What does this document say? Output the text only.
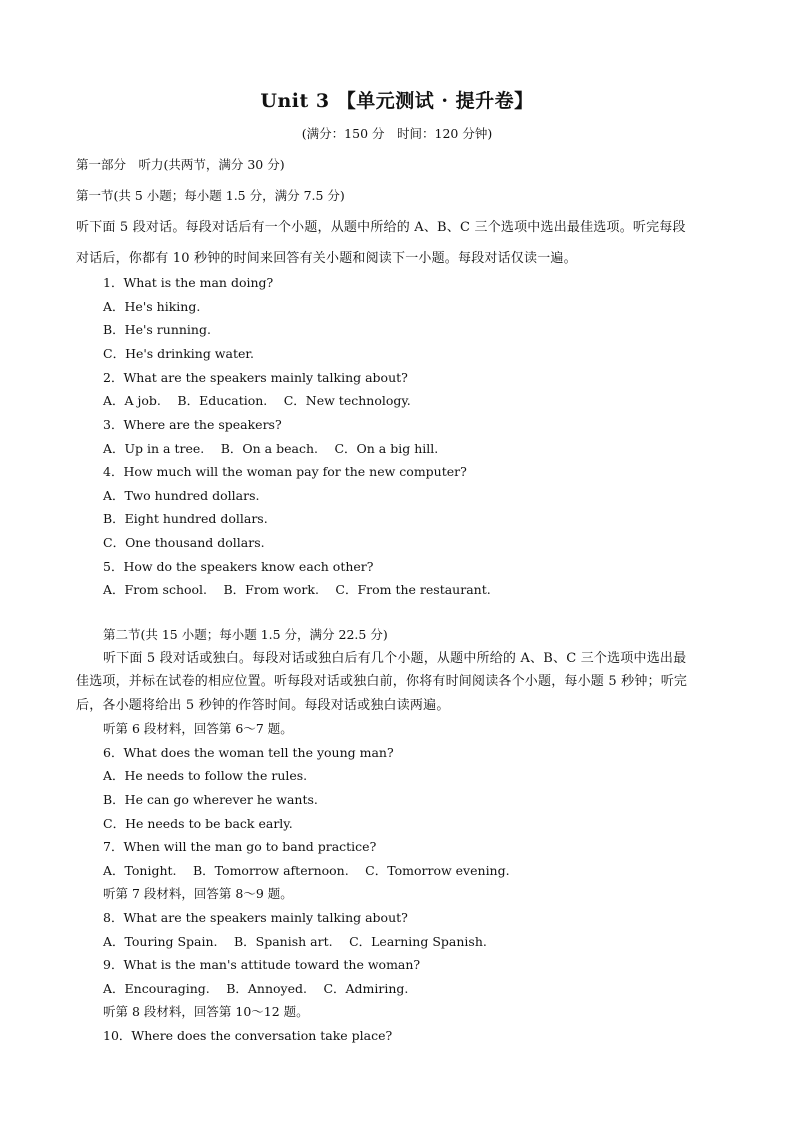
Unit 3 【单元测试 · 提升卷】
(满分：150 分　时间：120 分钟)
第一部分　听力(共两节，满分 30 分)
第一节(共 5 小题；每小题 1.5 分，满分 7.5 分)
听下面 5 段对话。每段对话后有一个小题，从题中所给的 A、B、C 三个选项中选出最佳选项。听完每段
对话后，你都有 10 秒钟的时间来回答有关小题和阅读下一小题。每段对话仅读一遍。
1．What is the man doing?
A．He's hiking.
B．He's running.
C．He's drinking water.
2．What are the speakers mainly talking about?
A．A job.　 B．Education.　 C．New technology.
3．Where are the speakers?
A．Up in a tree.　 B．On a beach.　 C．On a big hill.
4．How much will the woman pay for the new computer?
A．Two hundred dollars.
B．Eight hundred dollars.
C．One thousand dollars.
5．How do the speakers know each other?
A．From school.　 B．From work.　 C．From the restaurant.
第二节(共 15 小题；每小题 1.5 分，满分 22.5 分)
听下面 5 段对话或独白。每段对话或独白后有几个小题，从题中所给的 A、B、C 三个选项中选出最
佳选项，并标在试卷的相应位置。听每段对话或独白前，你将有时间阅读各个小题，每小题 5 秒钟；听完
后，各小题将给出 5 秒钟的作答时间。每段对话或独白读两遍。
听第 6 段材料，回答第 6～7 题。
6．What does the woman tell the young man?
A．He needs to follow the rules.
B．He can go wherever he wants.
C．He needs to be back early.
7．When will the man go to band practice?
A．Tonight.　 B．Tomorrow afternoon.　 C．Tomorrow evening.
听第 7 段材料，回答第 8～9 题。
8．What are the speakers mainly talking about?
A．Touring Spain.　 B．Spanish art.　 C．Learning Spanish.
9．What is the man's attitude toward the woman?
A．Encouraging.　 B．Annoyed.　 C．Admiring.
听第 8 段材料，回答第 10～12 题。
10．Where does the conversation take place?
